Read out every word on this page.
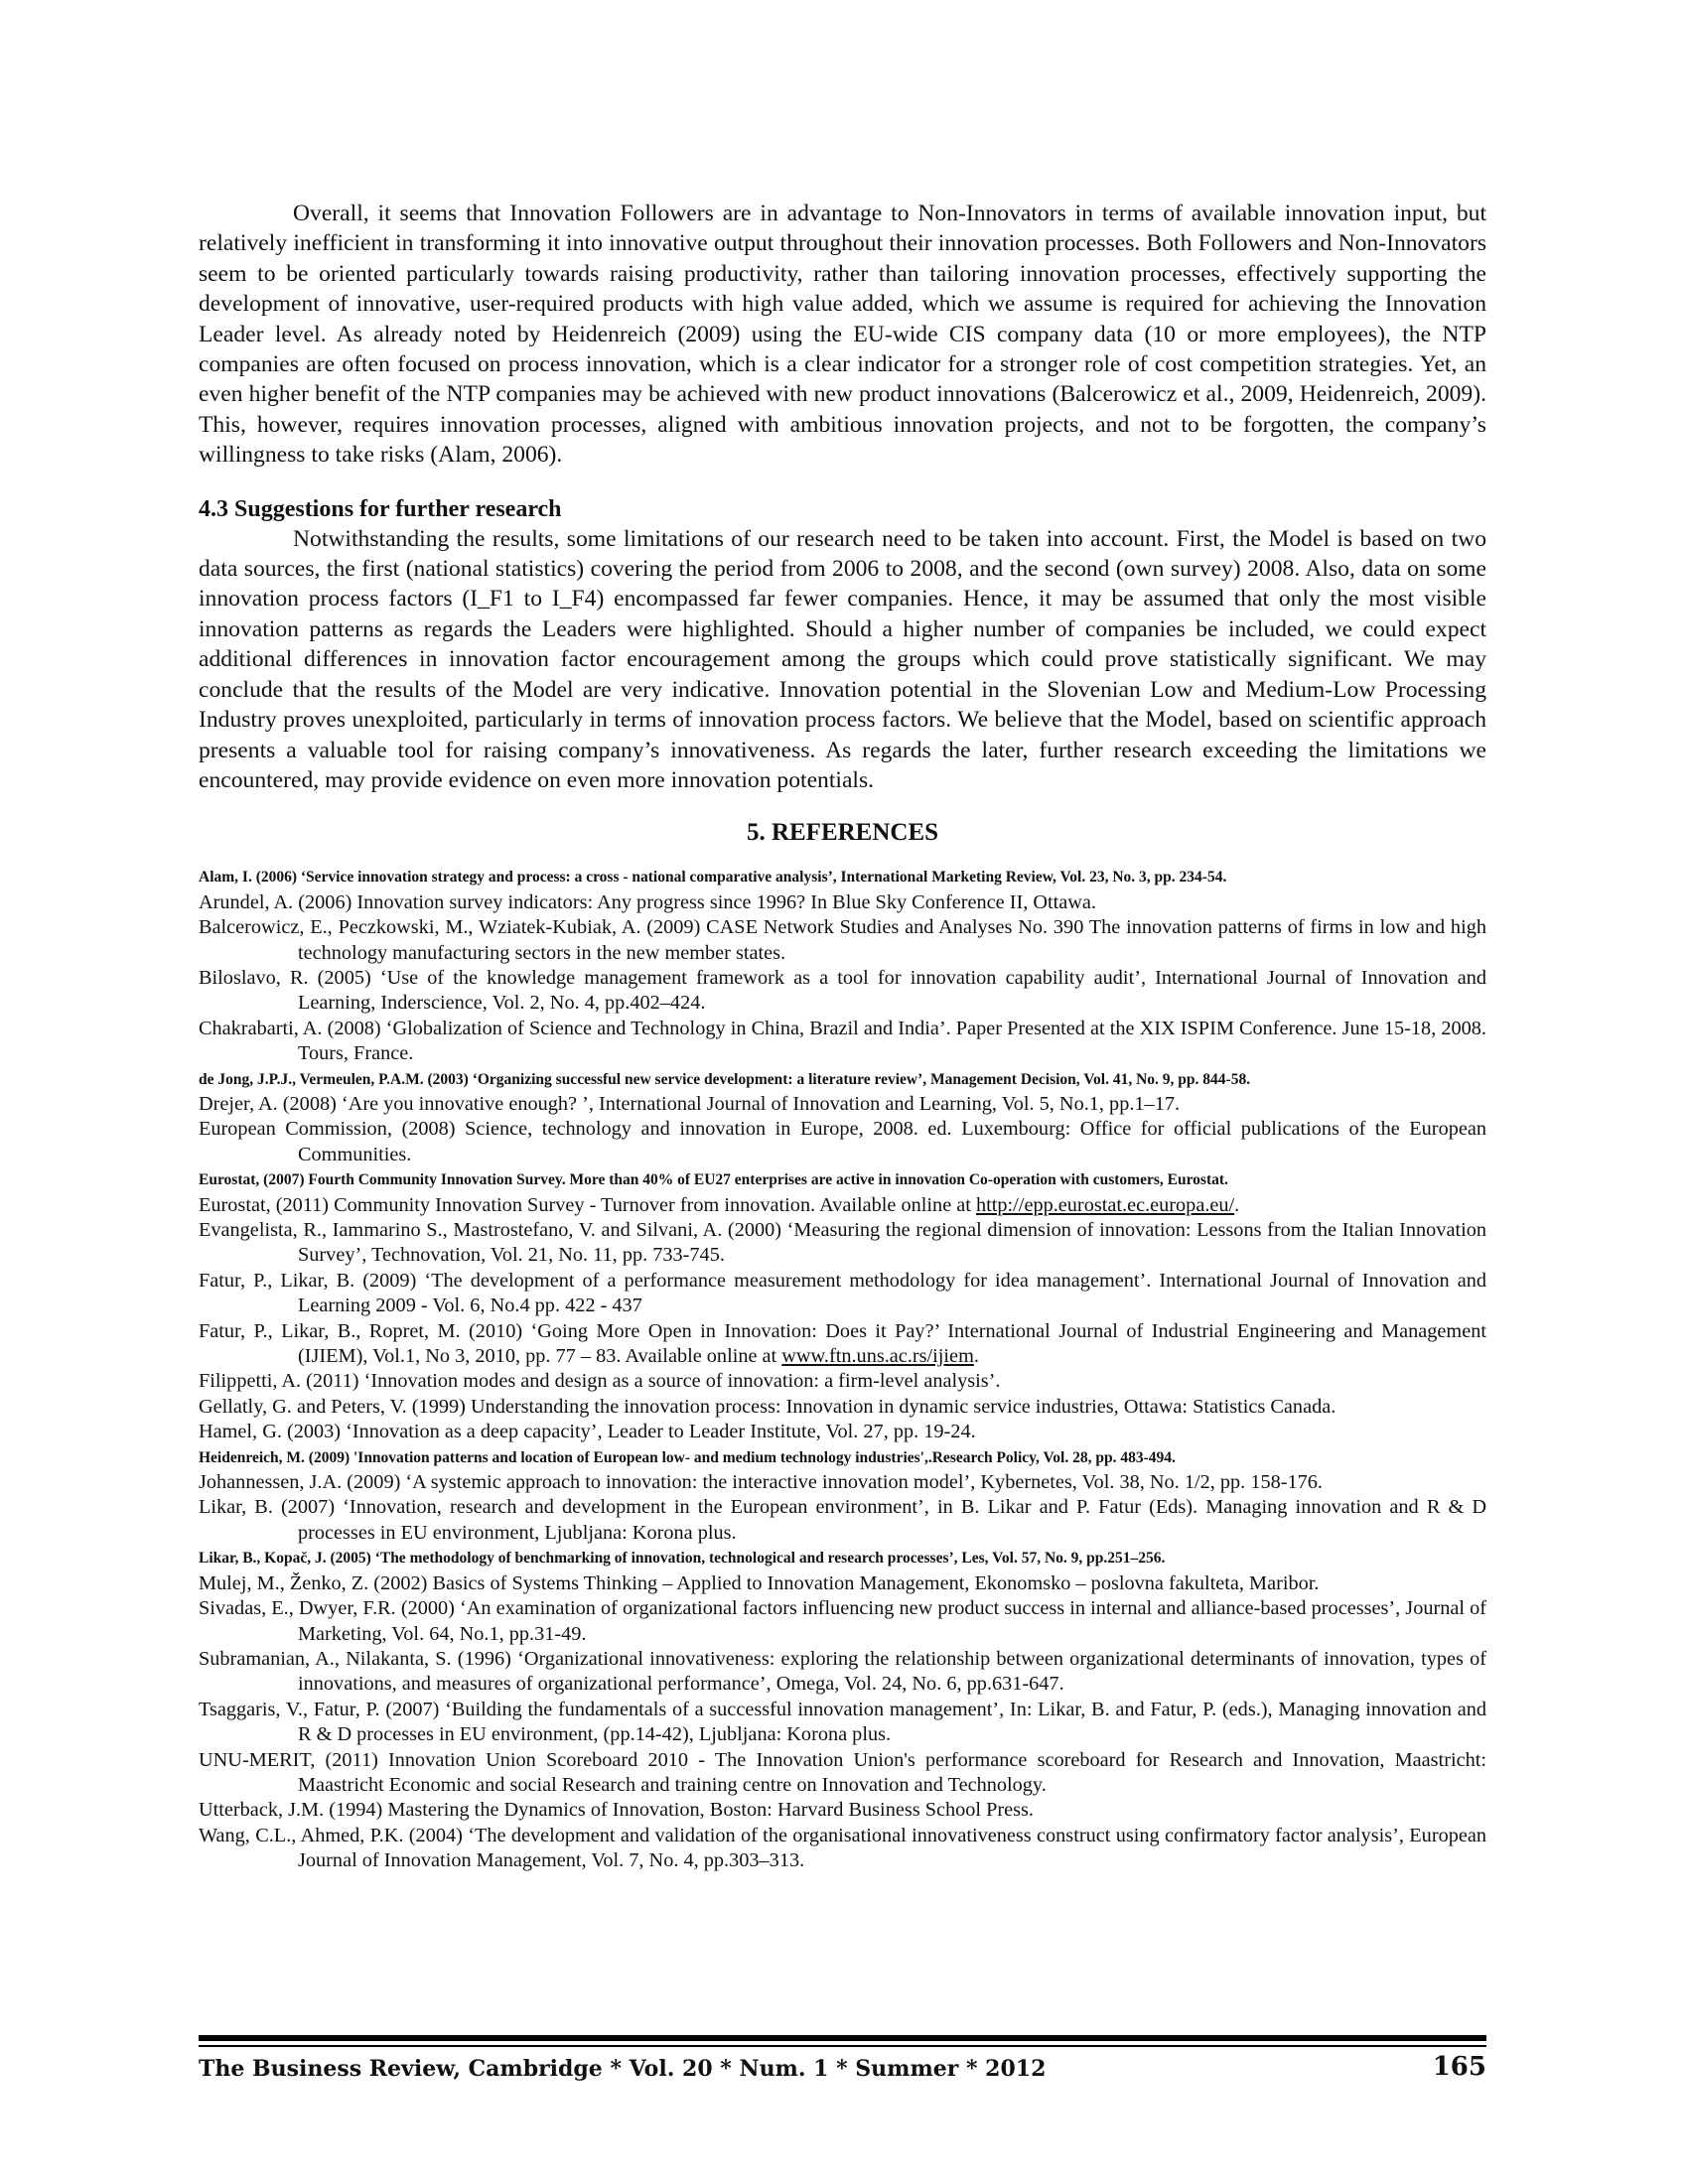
Overall, it seems that Innovation Followers are in advantage to Non-Innovators in terms of available innovation input, but relatively inefficient in transforming it into innovative output throughout their innovation processes. Both Followers and Non-Innovators seem to be oriented particularly towards raising productivity, rather than tailoring innovation processes, effectively supporting the development of innovative, user-required products with high value added, which we assume is required for achieving the Innovation Leader level. As already noted by Heidenreich (2009) using the EU-wide CIS company data (10 or more employees), the NTP companies are often focused on process innovation, which is a clear indicator for a stronger role of cost competition strategies. Yet, an even higher benefit of the NTP companies may be achieved with new product innovations (Balcerowicz et al., 2009, Heidenreich, 2009). This, however, requires innovation processes, aligned with ambitious innovation projects, and not to be forgotten, the company’s willingness to take risks (Alam, 2006).

4.3 Suggestions for further research

Notwithstanding the results, some limitations of our research need to be taken into account. First, the Model is based on two data sources, the first (national statistics) covering the period from 2006 to 2008, and the second (own survey) 2008. Also, data on some innovation process factors (I_F1 to I_F4) encompassed far fewer companies. Hence, it may be assumed that only the most visible innovation patterns as regards the Leaders were highlighted. Should a higher number of companies be included, we could expect additional differences in innovation factor encouragement among the groups which could prove statistically significant. We may conclude that the results of the Model are very indicative. Innovation potential in the Slovenian Low and Medium-Low Processing Industry proves unexploited, particularly in terms of innovation process factors. We believe that the Model, based on scientific approach presents a valuable tool for raising company’s innovativeness. As regards the later, further research exceeding the limitations we encountered, may provide evidence on even more innovation potentials.

5. REFERENCES

Alam, I. (2006) ‘Service innovation strategy and process: a cross - national comparative analysis’, International Marketing Review, Vol. 23, No. 3, pp. 234-54.

Arundel, A. (2006) Innovation survey indicators: Any progress since 1996? In Blue Sky Conference II, Ottawa.

Balcerowicz, E., Peczkowski, M., Wziatek-Kubiak, A. (2009) CASE Network Studies and Analyses No. 390 The innovation patterns of firms in low and high technology manufacturing sectors in the new member states.

Biloslavo, R. (2005) ‘Use of the knowledge management framework as a tool for innovation capability audit’, International Journal of Innovation and Learning, Inderscience, Vol. 2, No. 4, pp.402–424.

Chakrabarti, A. (2008) ‘Globalization of Science and Technology in China, Brazil and India’. Paper Presented at the XIX ISPIM Conference. June 15-18, 2008. Tours, France.

de Jong, J.P.J., Vermeulen, P.A.M. (2003) ‘Organizing successful new service development: a literature review’, Management Decision, Vol. 41, No. 9, pp. 844-58.

Drejer, A. (2008) ‘Are you innovative enough? ’, International Journal of Innovation and Learning, Vol. 5, No.1, pp.1–17.

European Commission, (2008) Science, technology and innovation in Europe, 2008. ed. Luxembourg: Office for official publications of the European Communities.

Eurostat, (2007) Fourth Community Innovation Survey. More than 40% of EU27 enterprises are active in innovation Co-operation with customers, Eurostat.

Eurostat, (2011) Community Innovation Survey - Turnover from innovation. Available online at http://epp.eurostat.ec.europa.eu/.

Evangelista, R., Iammarino S., Mastrostefano, V. and Silvani, A. (2000) ‘Measuring the regional dimension of innovation: Lessons from the Italian Innovation Survey’, Technovation, Vol. 21, No. 11, pp. 733-745.

Fatur, P., Likar, B. (2009) ‘The development of a performance measurement methodology for idea management’. International Journal of Innovation and Learning 2009 - Vol. 6, No.4 pp. 422 - 437

Fatur, P., Likar, B., Ropret, M. (2010) ‘Going More Open in Innovation: Does it Pay?’ International Journal of Industrial Engineering and Management (IJIEM), Vol.1, No 3, 2010, pp. 77 – 83. Available online at www.ftn.uns.ac.rs/ijiem.

Filippetti, A. (2011) ‘Innovation modes and design as a source of innovation: a firm-level analysis’.

Gellatly, G. and Peters, V. (1999) Understanding the innovation process: Innovation in dynamic service industries, Ottawa: Statistics Canada.

Hamel, G. (2003) ‘Innovation as a deep capacity’, Leader to Leader Institute, Vol. 27, pp. 19-24.

Heidenreich, M. (2009) 'Innovation patterns and location of European low- and medium technology industries',.Research Policy, Vol. 28, pp. 483-494.

Johannessen, J.A. (2009) ‘A systemic approach to innovation: the interactive innovation model’, Kybernetes, Vol. 38, No. 1/2, pp. 158-176.

Likar, B. (2007) ‘Innovation, research and development in the European environment’, in B. Likar and P. Fatur (Eds). Managing innovation and R & D processes in EU environment, Ljubljana: Korona plus.

Likar, B., Kopač, J. (2005) ‘The methodology of benchmarking of innovation, technological and research processes’, Les, Vol. 57, No. 9, pp.251–256.

Mulej, M., Ženko, Z. (2002) Basics of Systems Thinking – Applied to Innovation Management, Ekonomsko – poslovna fakulteta, Maribor.

Sivadas, E., Dwyer, F.R. (2000) ‘An examination of organizational factors influencing new product success in internal and alliance-based processes’, Journal of Marketing, Vol. 64, No.1, pp.31-49.

Subramanian, A., Nilakanta, S. (1996) ‘Organizational innovativeness: exploring the relationship between organizational determinants of innovation, types of innovations, and measures of organizational performance’, Omega, Vol. 24, No. 6, pp.631-647.

Tsaggaris, V., Fatur, P. (2007) ‘Building the fundamentals of a successful innovation management’, In: Likar, B. and Fatur, P. (eds.), Managing innovation and R & D processes in EU environment, (pp.14-42), Ljubljana: Korona plus.

UNU-MERIT, (2011) Innovation Union Scoreboard 2010 - The Innovation Union's performance scoreboard for Research and Innovation, Maastricht: Maastricht Economic and social Research and training centre on Innovation and Technology.

Utterback, J.M. (1994) Mastering the Dynamics of Innovation, Boston: Harvard Business School Press.

Wang, C.L., Ahmed, P.K. (2004) ‘The development and validation of the organisational innovativeness construct using confirmatory factor analysis’, European Journal of Innovation Management, Vol. 7, No. 4, pp.303–313.

The Business Review, Cambridge * Vol. 20 * Num. 1 * Summer * 2012	165
